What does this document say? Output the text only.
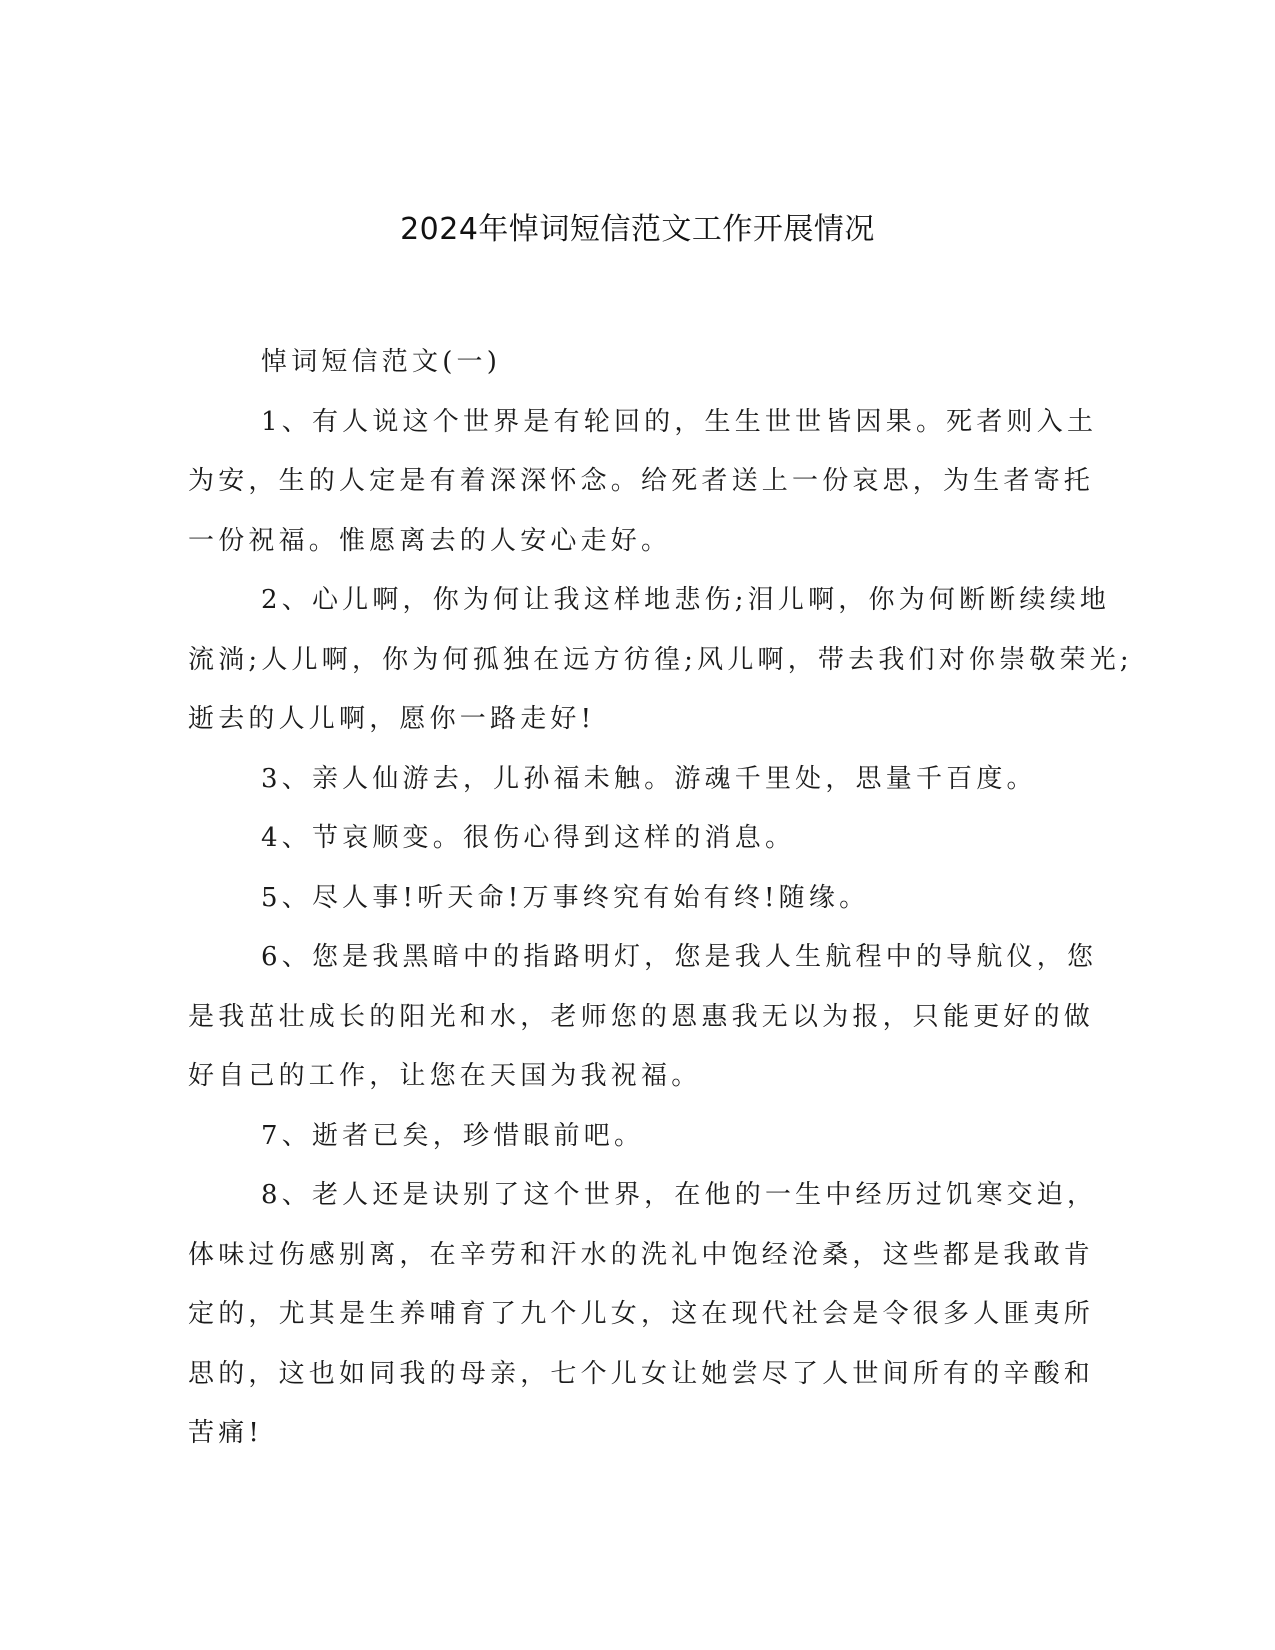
2024年悼词短信范文工作开展情况
悼词短信范文(一)
1、有人说这个世界是有轮回的，生生世世皆因果。死者则入土
为安，生的人定是有着深深怀念。给死者送上一份哀思，为生者寄托
一份祝福。惟愿离去的人安心走好。
2、心儿啊，你为何让我这样地悲伤;泪儿啊，你为何断断续续地
流淌;人儿啊，你为何孤独在远方彷徨;风儿啊，带去我们对你崇敬荣光;
逝去的人儿啊，愿你一路走好!
3、亲人仙游去，儿孙福未触。游魂千里处，思量千百度。
4、节哀顺变。很伤心得到这样的消息。
5、尽人事!听天命!万事终究有始有终!随缘。
6、您是我黑暗中的指路明灯，您是我人生航程中的导航仪，您
是我茁壮成长的阳光和水，老师您的恩惠我无以为报，只能更好的做
好自己的工作，让您在天国为我祝福。
7、逝者已矣，珍惜眼前吧。
8、老人还是诀别了这个世界，在他的一生中经历过饥寒交迫，
体味过伤感别离，在辛劳和汗水的洗礼中饱经沧桑，这些都是我敢肯
定的，尤其是生养哺育了九个儿女，这在现代社会是令很多人匪夷所
思的，这也如同我的母亲，七个儿女让她尝尽了人世间所有的辛酸和
苦痛!
